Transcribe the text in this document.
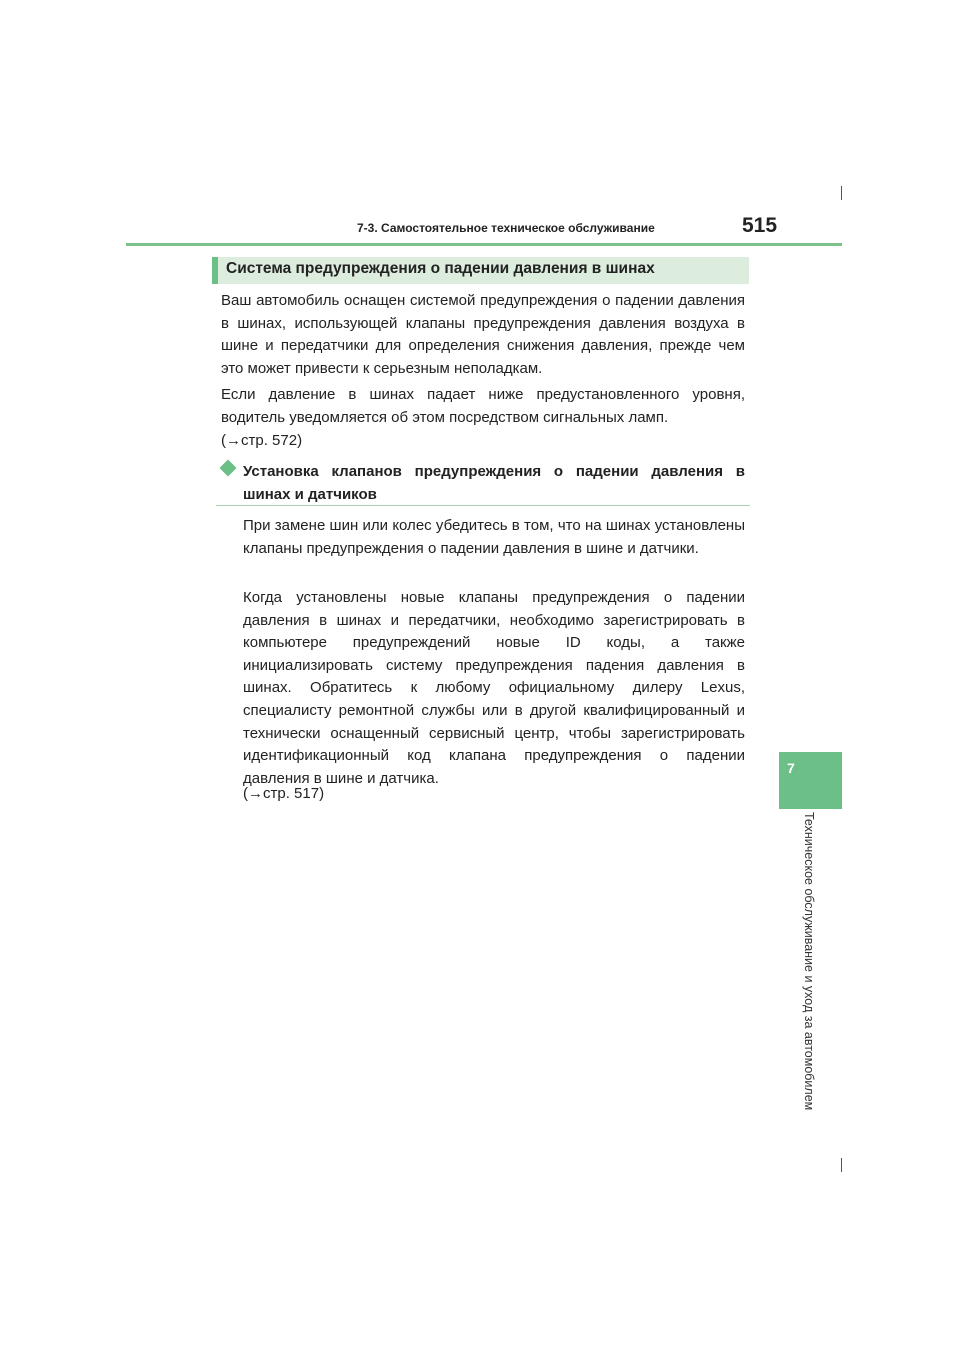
7-3. Самостоятельное техническое обслуживание	515
7
Техническое обслуживание и уход за автомобилем
Система предупреждения о падении давления в шинах
Ваш автомобиль оснащен системой предупреждения о падении давления в шинах, использующей клапаны предупреждения давления воздуха в шине и передатчики для определения снижения давления, прежде чем это может привести к серьезным неполадкам.
Если давление в шинах падает ниже предустановленного уровня, водитель уведомляется об этом посредством сигнальных ламп.
(→стр. 572)
Установка клапанов предупреждения о падении давления в шинах и датчиков
При замене шин или колес убедитесь в том, что на шинах установлены клапаны предупреждения о падении давления в шине и датчики.
Когда установлены новые клапаны предупреждения о падении давления в шинах и передатчики, необходимо зарегистрировать в компьютере предупреждений новые ID коды, а также инициализировать систему предупреждения падения давления в шинах. Обратитесь к любому официальному дилеру Lexus, специалисту ремонтной службы или в другой квалифицированный и технически оснащенный сервисный центр, чтобы зарегистрировать идентификационный код клапана предупреждения о падении давления в шине и датчика.
(→стр. 517)
